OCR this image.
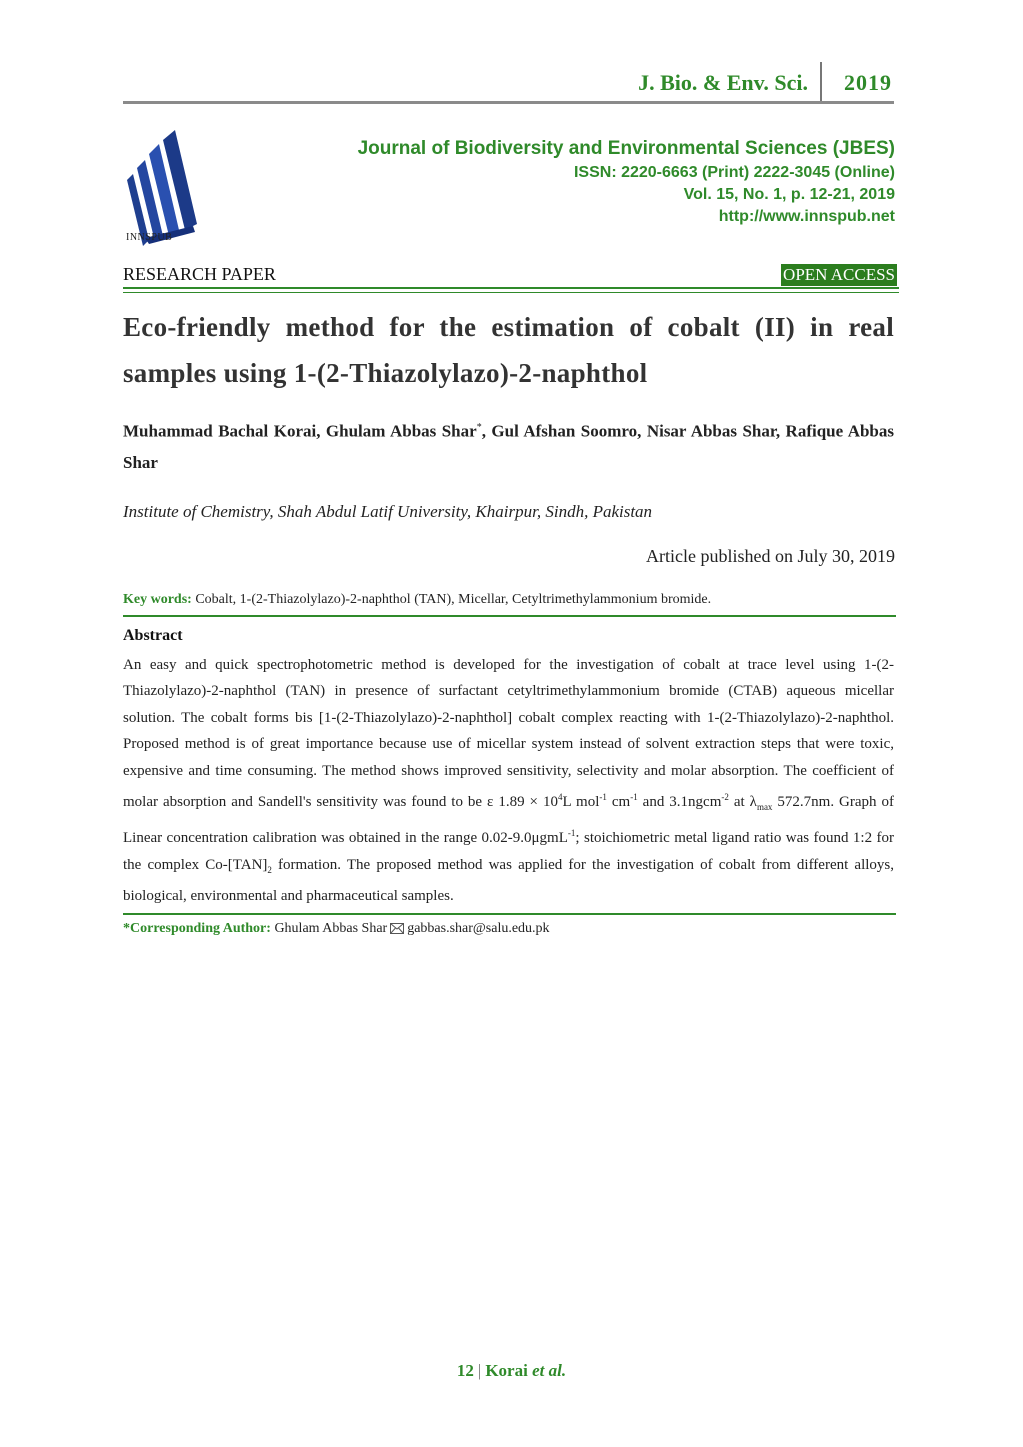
J. Bio. & Env. Sci. 2019
INNSPUB
Journal of Biodiversity and Environmental Sciences (JBES)
ISSN: 2220-6663 (Print) 2222-3045 (Online)
Vol. 15, No. 1, p. 12-21, 2019
http://www.innspub.net
RESEARCH PAPER	OPEN ACCESS
Eco-friendly method for the estimation of cobalt (II) in real samples using 1-(2-Thiazolylazo)-2-naphthol
Muhammad Bachal Korai, Ghulam Abbas Shar*, Gul Afshan Soomro, Nisar Abbas Shar, Rafique Abbas Shar
Institute of Chemistry, Shah Abdul Latif University, Khairpur, Sindh, Pakistan
Article published on July 30, 2019
Key words: Cobalt, 1-(2-Thiazolylazo)-2-naphthol (TAN), Micellar, Cetyltrimethylammonium bromide.
Abstract
An easy and quick spectrophotometric method is developed for the investigation of cobalt at trace level using 1-(2-Thiazolylazo)-2-naphthol (TAN) in presence of surfactant cetyltrimethylammonium bromide (CTAB) aqueous micellar solution. The cobalt forms bis [1-(2-Thiazolylazo)-2-naphthol] cobalt complex reacting with 1-(2-Thiazolylazo)-2-naphthol. Proposed method is of great importance because use of micellar system instead of solvent extraction steps that were toxic, expensive and time consuming. The method shows improved sensitivity, selectivity and molar absorption. The coefficient of molar absorption and Sandell's sensitivity was found to be ε $1.89 \times 10^4L$ mol$^{-1}$ $cm^{-1}$ and 3.1ngcm$^{-2}$ at $\lambda_{max}$ 572.7nm. Graph of Linear concentration calibration was obtained in the range 0.02-9.0μgmL$^{-1}$; stoichiometric metal ligand ratio was found 1:2 for the complex $Co-[TAN]_2$ formation. The proposed method was applied for the investigation of cobalt from different alloys, biological, environmental and pharmaceutical samples.
*Corresponding Author: Ghulam Abbas Shar gabbas.shar@salu.edu.pk
12 | Korai et al.
